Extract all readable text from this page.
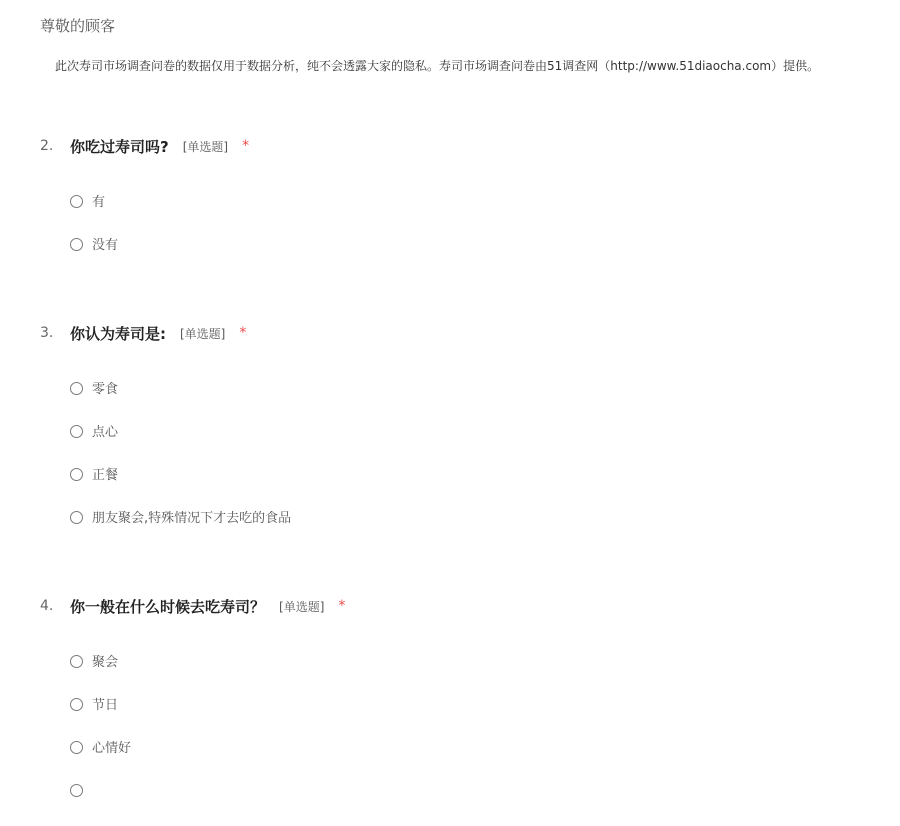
尊敬的顾客
此次寿司市场调查问卷的数据仅用于数据分析，纯不会透露大家的隐私。寿司市场调查问卷由51调查网（http://www.51diaocha.com）提供。
2.	你吃过寿司吗? [单选题] *
有
没有
3.	你认为寿司是: [单选题] *
零食
点心
正餐
朋友聚会,特殊情况下才去吃的食品
4.	你一般在什么时候去吃寿司？ [单选题] *
聚会
节日
心情好
